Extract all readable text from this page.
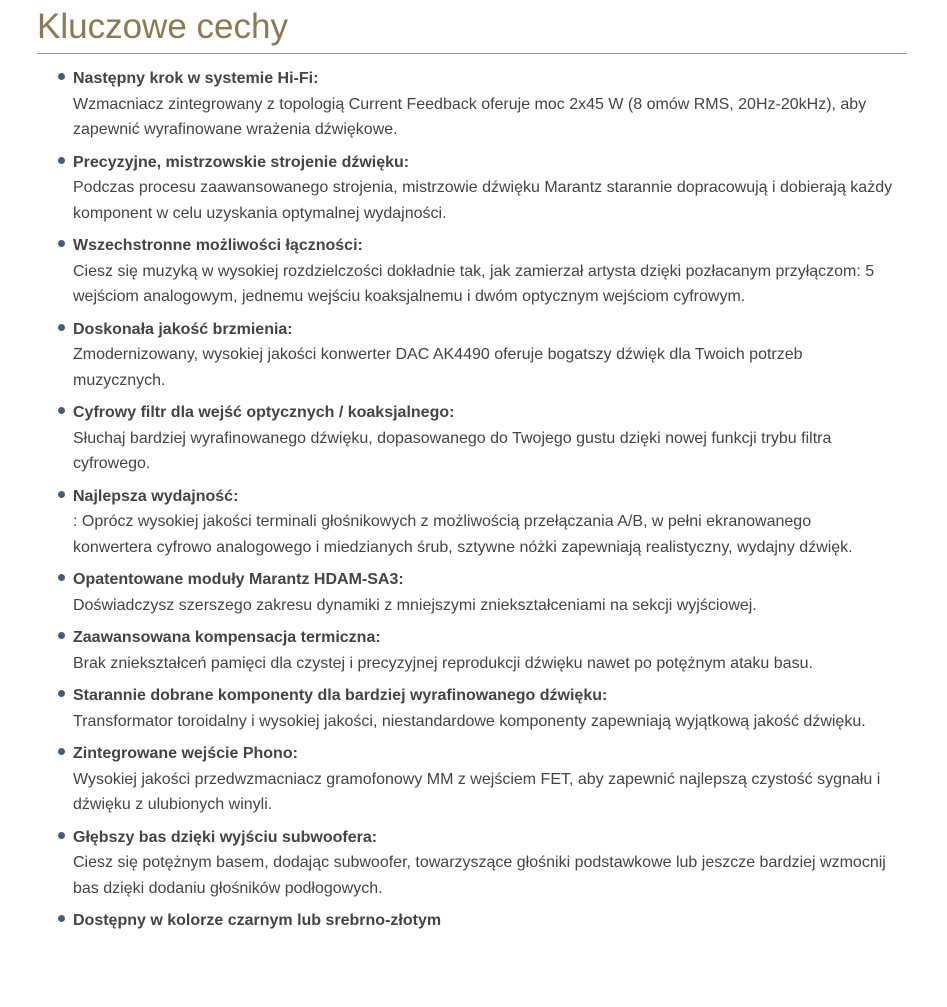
Kluczowe cechy
Następny krok w systemie Hi-Fi:
Wzmacniacz zintegrowany z topologią Current Feedback oferuje moc 2x45 W (8 omów RMS, 20Hz-20kHz), aby zapewnić wyrafinowane wrażenia dźwiękowe.
Precyzyjne, mistrzowskie strojenie dźwięku:
Podczas procesu zaawansowanego strojenia, mistrzowie dźwięku Marantz starannie dopracowują i dobierają każdy komponent w celu uzyskania optymalnej wydajności.
Wszechstronne możliwości łączności:
Ciesz się muzyką w wysokiej rozdzielczości dokładnie tak, jak zamierzał artysta dzięki pozłacanym przyłączom: 5 wejściom analogowym, jednemu wejściu koaksjalnemu i dwóm optycznym wejściom cyfrowym.
Doskonała jakość brzmienia:
Zmodernizowany, wysokiej jakości konwerter DAC AK4490 oferuje bogatszy dźwięk dla Twoich potrzeb muzycznych.
Cyfrowy filtr dla wejść optycznych / koaksjalnego:
Słuchaj bardziej wyrafinowanego dźwięku, dopasowanego do Twojego gustu dzięki nowej funkcji trybu filtra cyfrowego.
Najlepsza wydajność:
: Oprócz wysokiej jakości terminali głośnikowych z możliwością przełączania A/B, w pełni ekranowanego konwertera cyfrowo analogowego i miedzianych śrub, sztywne nóżki zapewniają realistyczny, wydajny dźwięk.
Opatentowane moduły Marantz HDAM-SA3:
Doświadczysz szerszego zakresu dynamiki z mniejszymi zniekształceniami na sekcji wyjściowej.
Zaawansowana kompensacja termiczna:
Brak zniekształceń pamięci dla czystej i precyzyjnej reprodukcji dźwięku nawet po potężnym ataku basu.
Starannie dobrane komponenty dla bardziej wyrafinowanego dźwięku:
Transformator toroidalny i wysokiej jakości, niestandardowe komponenty zapewniają wyjątkową jakość dźwięku.
Zintegrowane wejście Phono:
Wysokiej jakości przedwzmacniacz gramofonowy MM z wejściem FET, aby zapewnić najlepszą czystość sygnału i dźwięku z ulubionych winyli.
Głębszy bas dzięki wyjściu subwoofera:
Ciesz się potężnym basem, dodając subwoofer, towarzyszące głośniki podstawkowe lub jeszcze bardziej wzmocnij bas dzięki dodaniu głośników podłogowych.
Dostępny w kolorze czarnym lub srebrno-złotym
